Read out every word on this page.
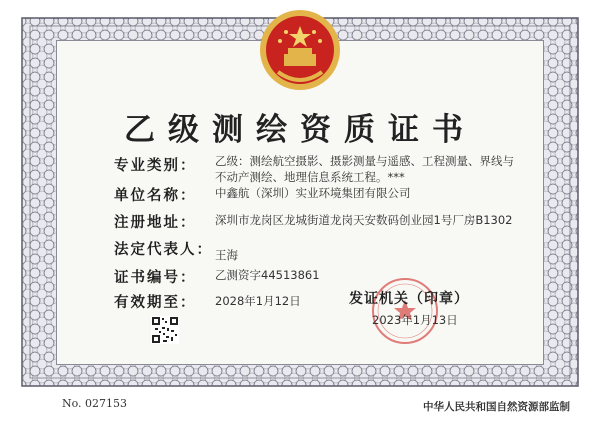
乙级测绘资质证书
专业类别： 乙级：测绘航空摄影、摄影测量与遥感、工程测量、界线与
不动产测绘、地理信息系统工程。***
单位名称： 中鑫航（深圳）实业环境集团有限公司
注册地址： 深圳市龙岗区龙城街道龙岗天安数码创业园1号厂房B1302
法定代表人： 王海
证书编号： 乙测资字44513861
有效期至： 2028年1月12日	发证机关（印章）
2023年1月13日
No. 027153	中华人民共和国自然资源部监制
